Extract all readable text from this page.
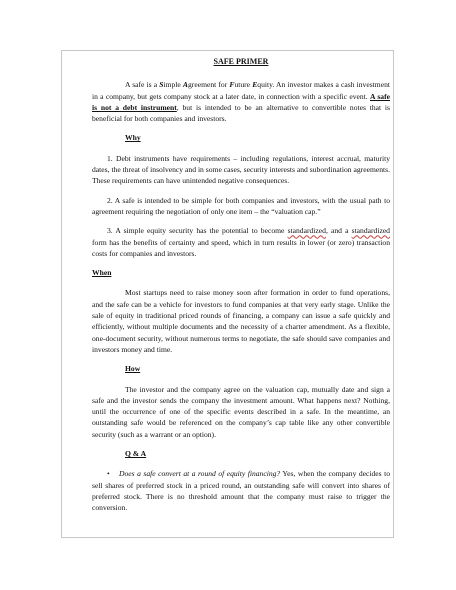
SAFE PRIMER

A safe is a Simple Agreement for Future Equity. An investor makes a cash investment in a company, but gets company stock at a later date, in connection with a specific event. A safe is not a debt instrument, but is intended to be an alternative to convertible notes that is beneficial for both companies and investors.

Why

1. Debt instruments have requirements – including regulations, interest accrual, maturity dates, the threat of insolvency and in some cases, security interests and subordination agreements. These requirements can have unintended negative consequences.

2. A safe is intended to be simple for both companies and investors, with the usual path to agreement requiring the negotiation of only one item – the “valuation cap.”

3. A simple equity security has the potential to become standardized, and a standardized form has the benefits of certainty and speed, which in turn results in lower (or zero) transaction costs for companies and investors.

When

Most startups need to raise money soon after formation in order to fund operations, and the safe can be a vehicle for investors to fund companies at that very early stage. Unlike the sale of equity in traditional priced rounds of financing, a company can issue a safe quickly and efficiently, without multiple documents and the necessity of a charter amendment. As a flexible, one-document security, without numerous terms to negotiate, the safe should save companies and investors money and time.

How

The investor and the company agree on the valuation cap, mutually date and sign a safe and the investor sends the company the investment amount. What happens next? Nothing, until the occurrence of one of the specific events described in a safe. In the meantime, an outstanding safe would be referenced on the company’s cap table like any other convertible security (such as a warrant or an option).

Q & A

• Does a safe convert at a round of equity financing? Yes, when the company decides to sell shares of preferred stock in a priced round, an outstanding safe will convert into shares of preferred stock. There is no threshold amount that the company must raise to trigger the conversion.
